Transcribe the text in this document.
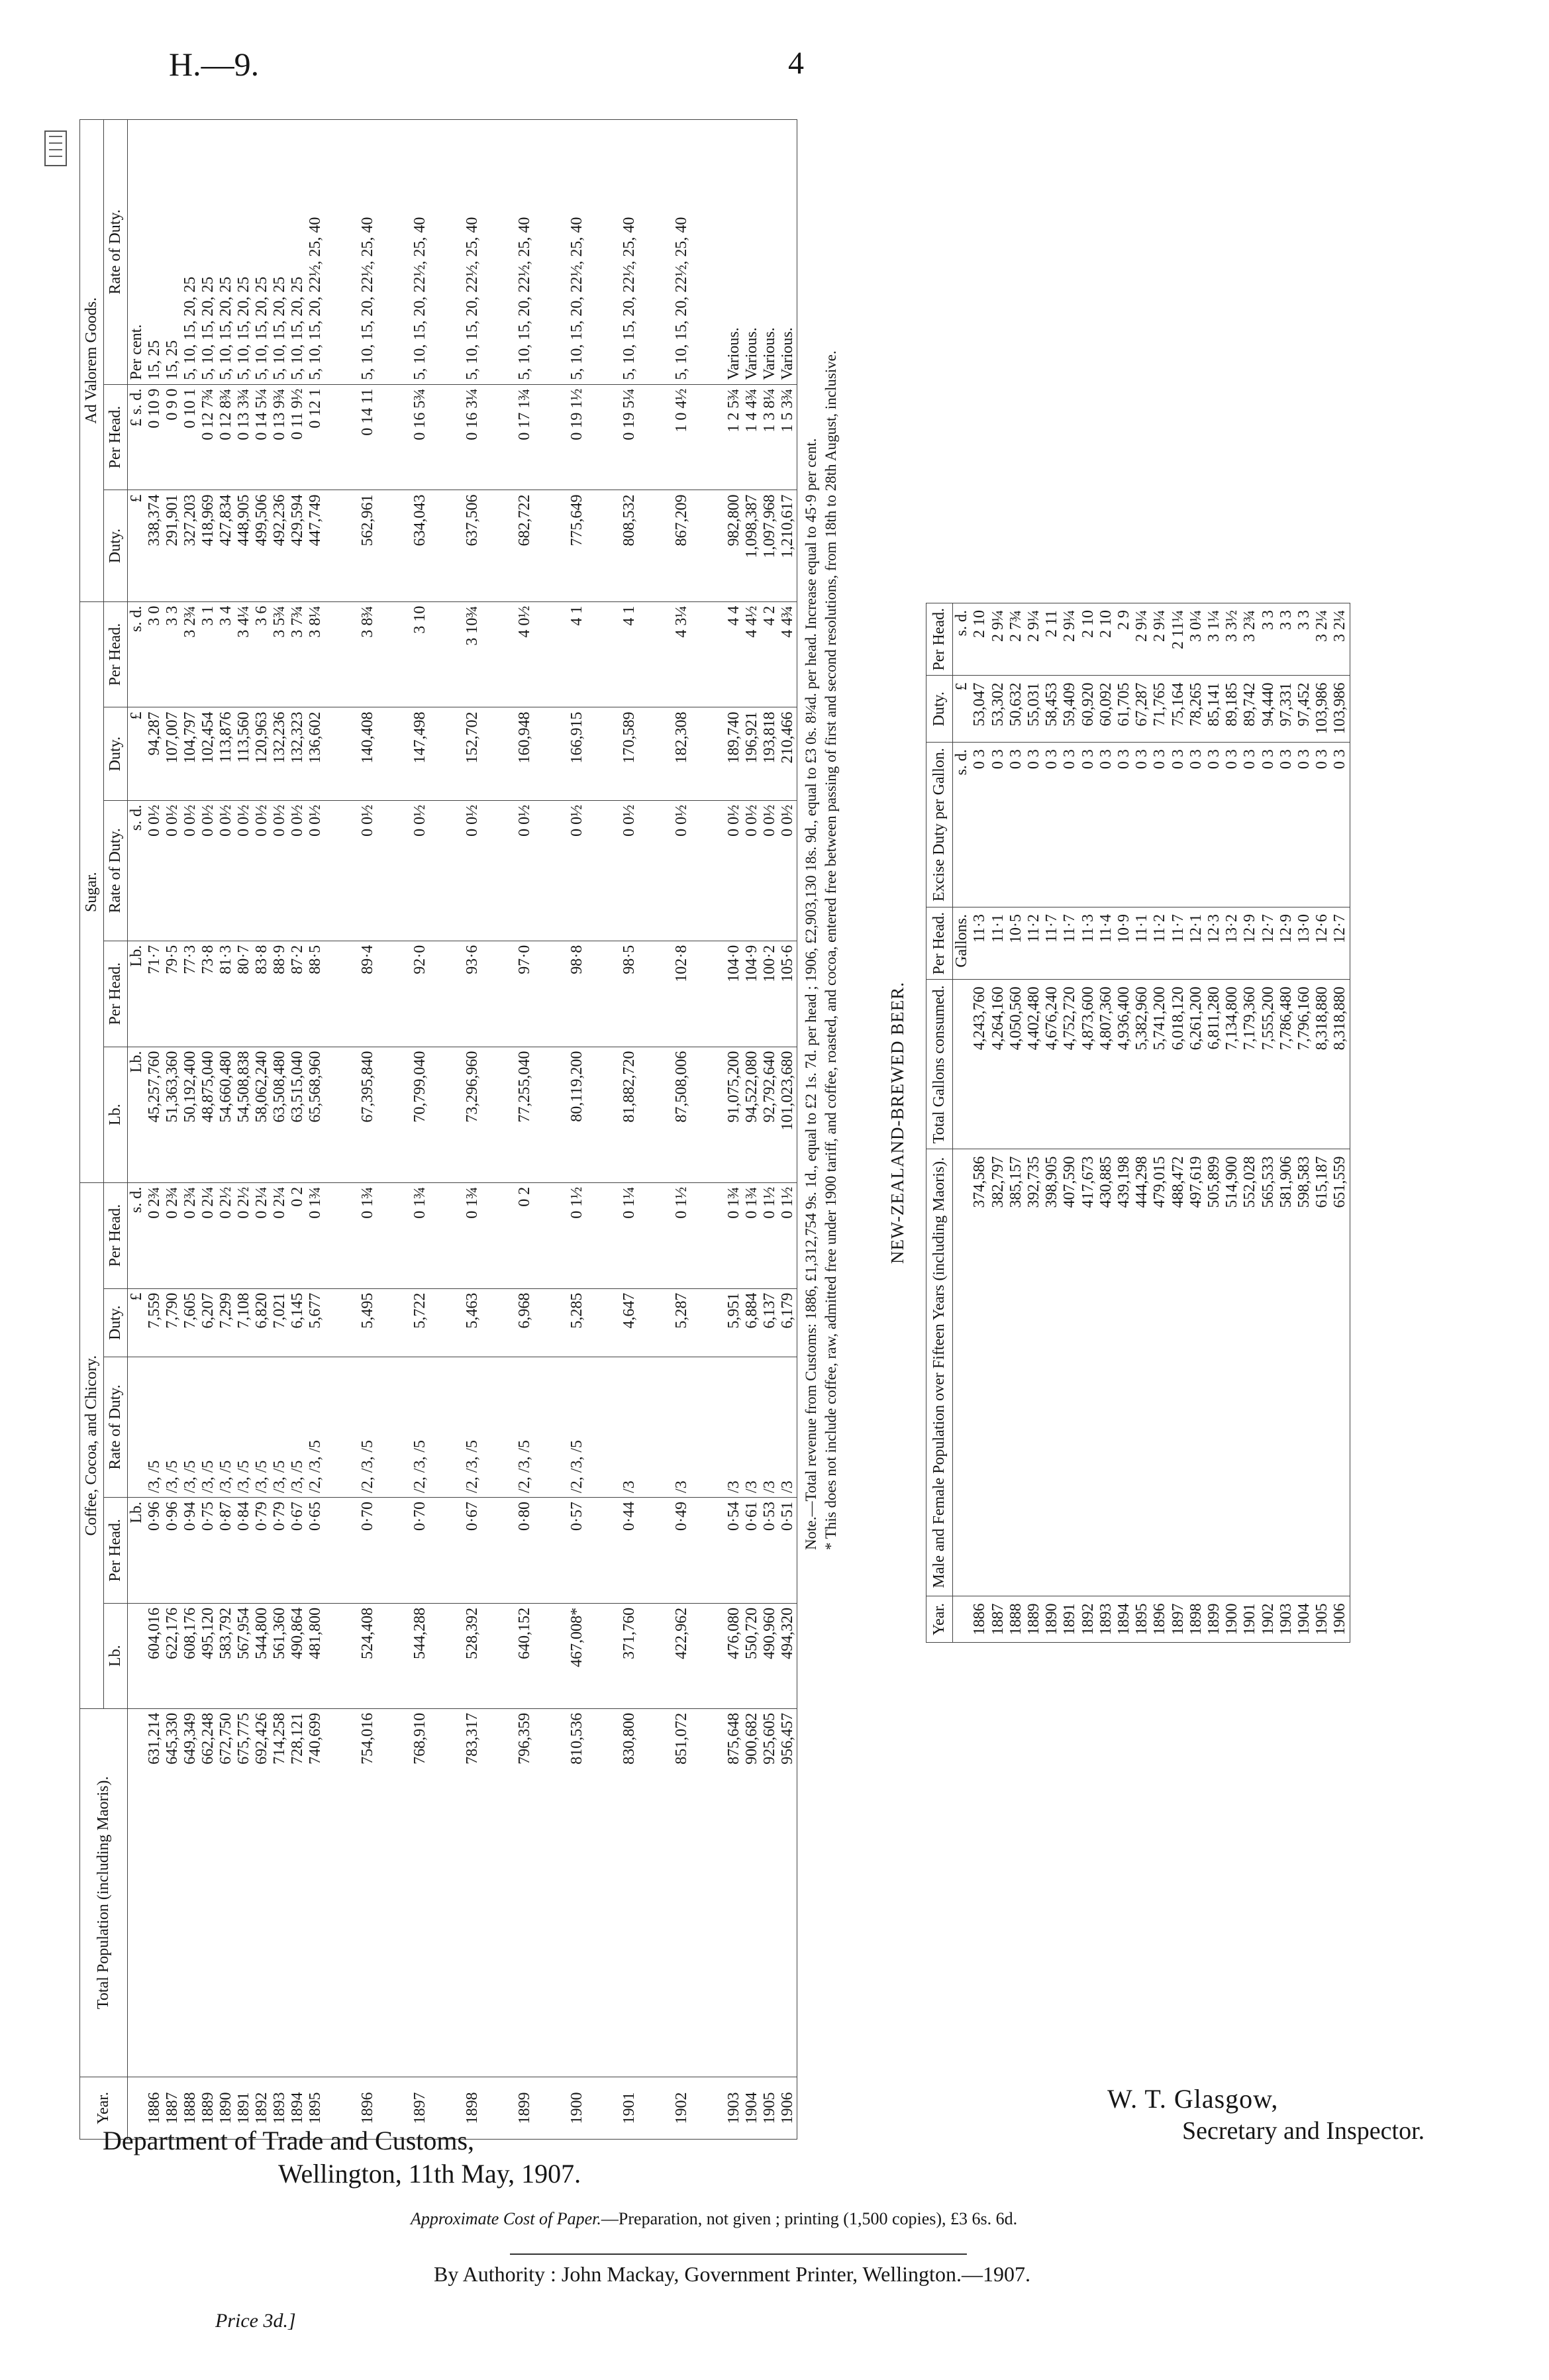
H.—9.	4
Year.	Total Population (including Maoris).	Coffee, Cocoa, and Chicory.					Sugar.					Ad Valorem Goods.		
		Lb.	Per Head.	Rate of Duty.	Duty.	Per Head.	Lb.	Per Head.	Rate of Duty.	Duty.	Per Head.	Duty.	Per Head.	Rate of Duty.
			Lb.		£	s. d.	Lb.	Lb.	s. d.	£	s. d.	£	£ s. d.	Per cent.
1886	631,214	604,016	0·96	/3, /5	7,559	0 2¾	45,257,760	71·7	0 0½	94,287	3 0	338,374	0 10 9	15, 25
1887	645,330	622,176	0·96	/3, /5	7,790	0 2¾	51,363,360	79·5	0 0½	107,007	3 3	291,901	0 9 0	15, 25
1888	649,349	608,176	0·94	/3, /5	7,605	0 2¾	50,192,400	77·3	0 0½	104,797	3 2¾	327,203	0 10 1	5, 10, 15, 20, 25
1889	662,248	495,120	0·75	/3, /5	6,207	0 2¼	48,875,040	73·8	0 0½	102,454	3 1	418,969	0 12 7¾	5, 10, 15, 20, 25
1890	672,750	583,792	0·87	/3, /5	7,299	0 2½	54,660,480	81·3	0 0½	113,876	3 4	427,834	0 12 8¾	5, 10, 15, 20, 25
1891	675,775	567,954	0·84	/3, /5	7,108	0 2½	54,508,838	80·7	0 0½	113,560	3 4¼	448,905	0 13 3¾	5, 10, 15, 20, 25
1892	692,426	544,800	0·79	/3, /5	6,820	0 2¼	58,062,240	83·8	0 0½	120,963	3 6	499,506	0 14 5¼	5, 10, 15, 20, 25
1893	714,258	561,360	0·79	/3, /5	7,021	0 2¼	63,508,480	88·9	0 0½	132,236	3 5¾	492,236	0 13 9¾	5, 10, 15, 20, 25
1894	728,121	490,864	0·67	/3, /5	6,145	0 2	63,515,040	87·2	0 0½	132,323	3 7¾	429,594	0 11 9½	5, 10, 15, 20, 25
1895	740,699	481,800	0·65	/2, /3, /5	5,677	0 1¾	65,568,960	88·5	0 0½	136,602	3 8¼	447,749	0 12 1	5, 10, 15, 20, 22½, 25, 40

1896	754,016	524,408	0·70	/2, /3, /5	5,495	0 1¾	67,395,840	89·4	0 0½	140,408	3 8¾	562,961	0 14 11	5, 10, 15, 20, 22½, 25, 40

1897	768,910	544,288	0·70	/2, /3, /5	5,722	0 1¾	70,799,040	92·0	0 0½	147,498	3 10	634,043	0 16 5¾	5, 10, 15, 20, 22½, 25, 40

1898	783,317	528,392	0·67	/2, /3, /5	5,463	0 1¾	73,296,960	93·6	0 0½	152,702	3 10¾	637,506	0 16 3¼	5, 10, 15, 20, 22½, 25, 40

1899	796,359	640,152	0·80	/2, /3, /5	6,968	0 2	77,255,040	97·0	0 0½	160,948	4 0½	682,722	0 17 1¾	5, 10, 15, 20, 22½, 25, 40

1900	810,536	467,008*	0·57	/2, /3, /5	5,285	0 1½	80,119,200	98·8	0 0½	166,915	4 1	775,649	0 19 1½	5, 10, 15, 20, 22½, 25, 40

1901	830,800	371,760	0·44	/3	4,647	0 1¼	81,882,720	98·5	0 0½	170,589	4 1	808,532	0 19 5¼	5, 10, 15, 20, 22½, 25, 40

1902	851,072	422,962	0·49	/3	5,287	0 1½	87,508,006	102·8	0 0½	182,308	4 3¼	867,209	1 0 4½	5, 10, 15, 20, 22½, 25, 40

1903	875,648	476,080	0·54	/3	5,951	0 1¾	91,075,200	104·0	0 0½	189,740	4 4	982,800	1 2 5¾	Various.
1904	900,682	550,720	0·61	/3	6,884	0 1¾	94,522,080	104·9	0 0½	196,921	4 4½	1,098,387	1 4 4¾	Various.
1905	925,605	490,960	0·53	/3	6,137	0 1½	92,792,640	100·2	0 0½	193,818	4 2	1,097,968	1 3 8¼	Various.
1906	956,457	494,320	0·51	/3	6,179	0 1½	101,023,680	105·6	0 0½	210,466	4 4¾	1,210,617	1 5 3¾	Various.

Note.—Total revenue from Customs: 1886, £1,312,754 9s. 1d., equal to £2 1s. 7d. per head ; 1906, £2,903,130 18s. 9d., equal to £3 0s. 8¼d. per head. Increase equal to 45·9 per cent. * This does not include coffee, raw, admitted free under 1900 tariff, and coffee, roasted, and cocoa, entered free between passing of first and second resolutions, from 18th to 28th August, inclusive.	NEW-ZEALAND-BREWED BEER.
Year.	Male and Female Population over Fifteen Years (including Maoris).	Total Gallons consumed.	Per Head.	Excise Duty per Gallon.	Duty.	Per Head.
			Gallons.	s. d.	£	s. d.
1886	374,586	4,243,760	11·3	0 3	53,047	2 10
1887	382,797	4,264,160	11·1	0 3	53,302	2 9¼
1888	385,157	4,050,560	10·5	0 3	50,632	2 7¾
1889	392,735	4,402,480	11·2	0 3	55,031	2 9¼
1890	398,905	4,676,240	11·7	0 3	58,453	2 11
1891	407,590	4,752,720	11·7	0 3	59,409	2 9¼
1892	417,673	4,873,600	11·3	0 3	60,920	2 10
1893	430,885	4,807,360	11·4	0 3	60,092	2 10
1894	439,198	4,936,400	10·9	0 3	61,705	2 9
1895	444,298	5,382,960	11·1	0 3	67,287	2 9¼
1896	479,015	5,741,200	11·2	0 3	71,765	2 9¼
1897	488,472	6,018,120	11·7	0 3	75,164	2 11¼
1898	497,619	6,261,200	12·1	0 3	78,265	3 0¼
1899	505,899	6,811,280	12·3	0 3	85,141	3 1¼
1900	514,900	7,134,800	13·2	0 3	89,185	3 3½
1901	552,028	7,179,360	12·9	0 3	89,742	3 2¾
1902	565,533	7,555,200	12·7	0 3	94,440	3 3
1903	581,906	7,786,480	12·9	0 3	97,331	3 3
1904	598,583	7,796,160	13·0	0 3	97,452	3 3
1905	615,187	8,318,880	12·6	0 3	103,986	3 2¼
1906	651,559	8,318,880	12·7	0 3	103,986	3 2¼
W. T. Glasgow,
Secretary and Inspector.
Department of Trade and Customs,
Wellington, 11th May, 1907.
Approximate Cost of Paper.—Preparation, not given ; printing (1,500 copies), £3 6s. 6d.
By Authority : John Mackay, Government Printer, Wellington.—1907.
Price 3d.]
